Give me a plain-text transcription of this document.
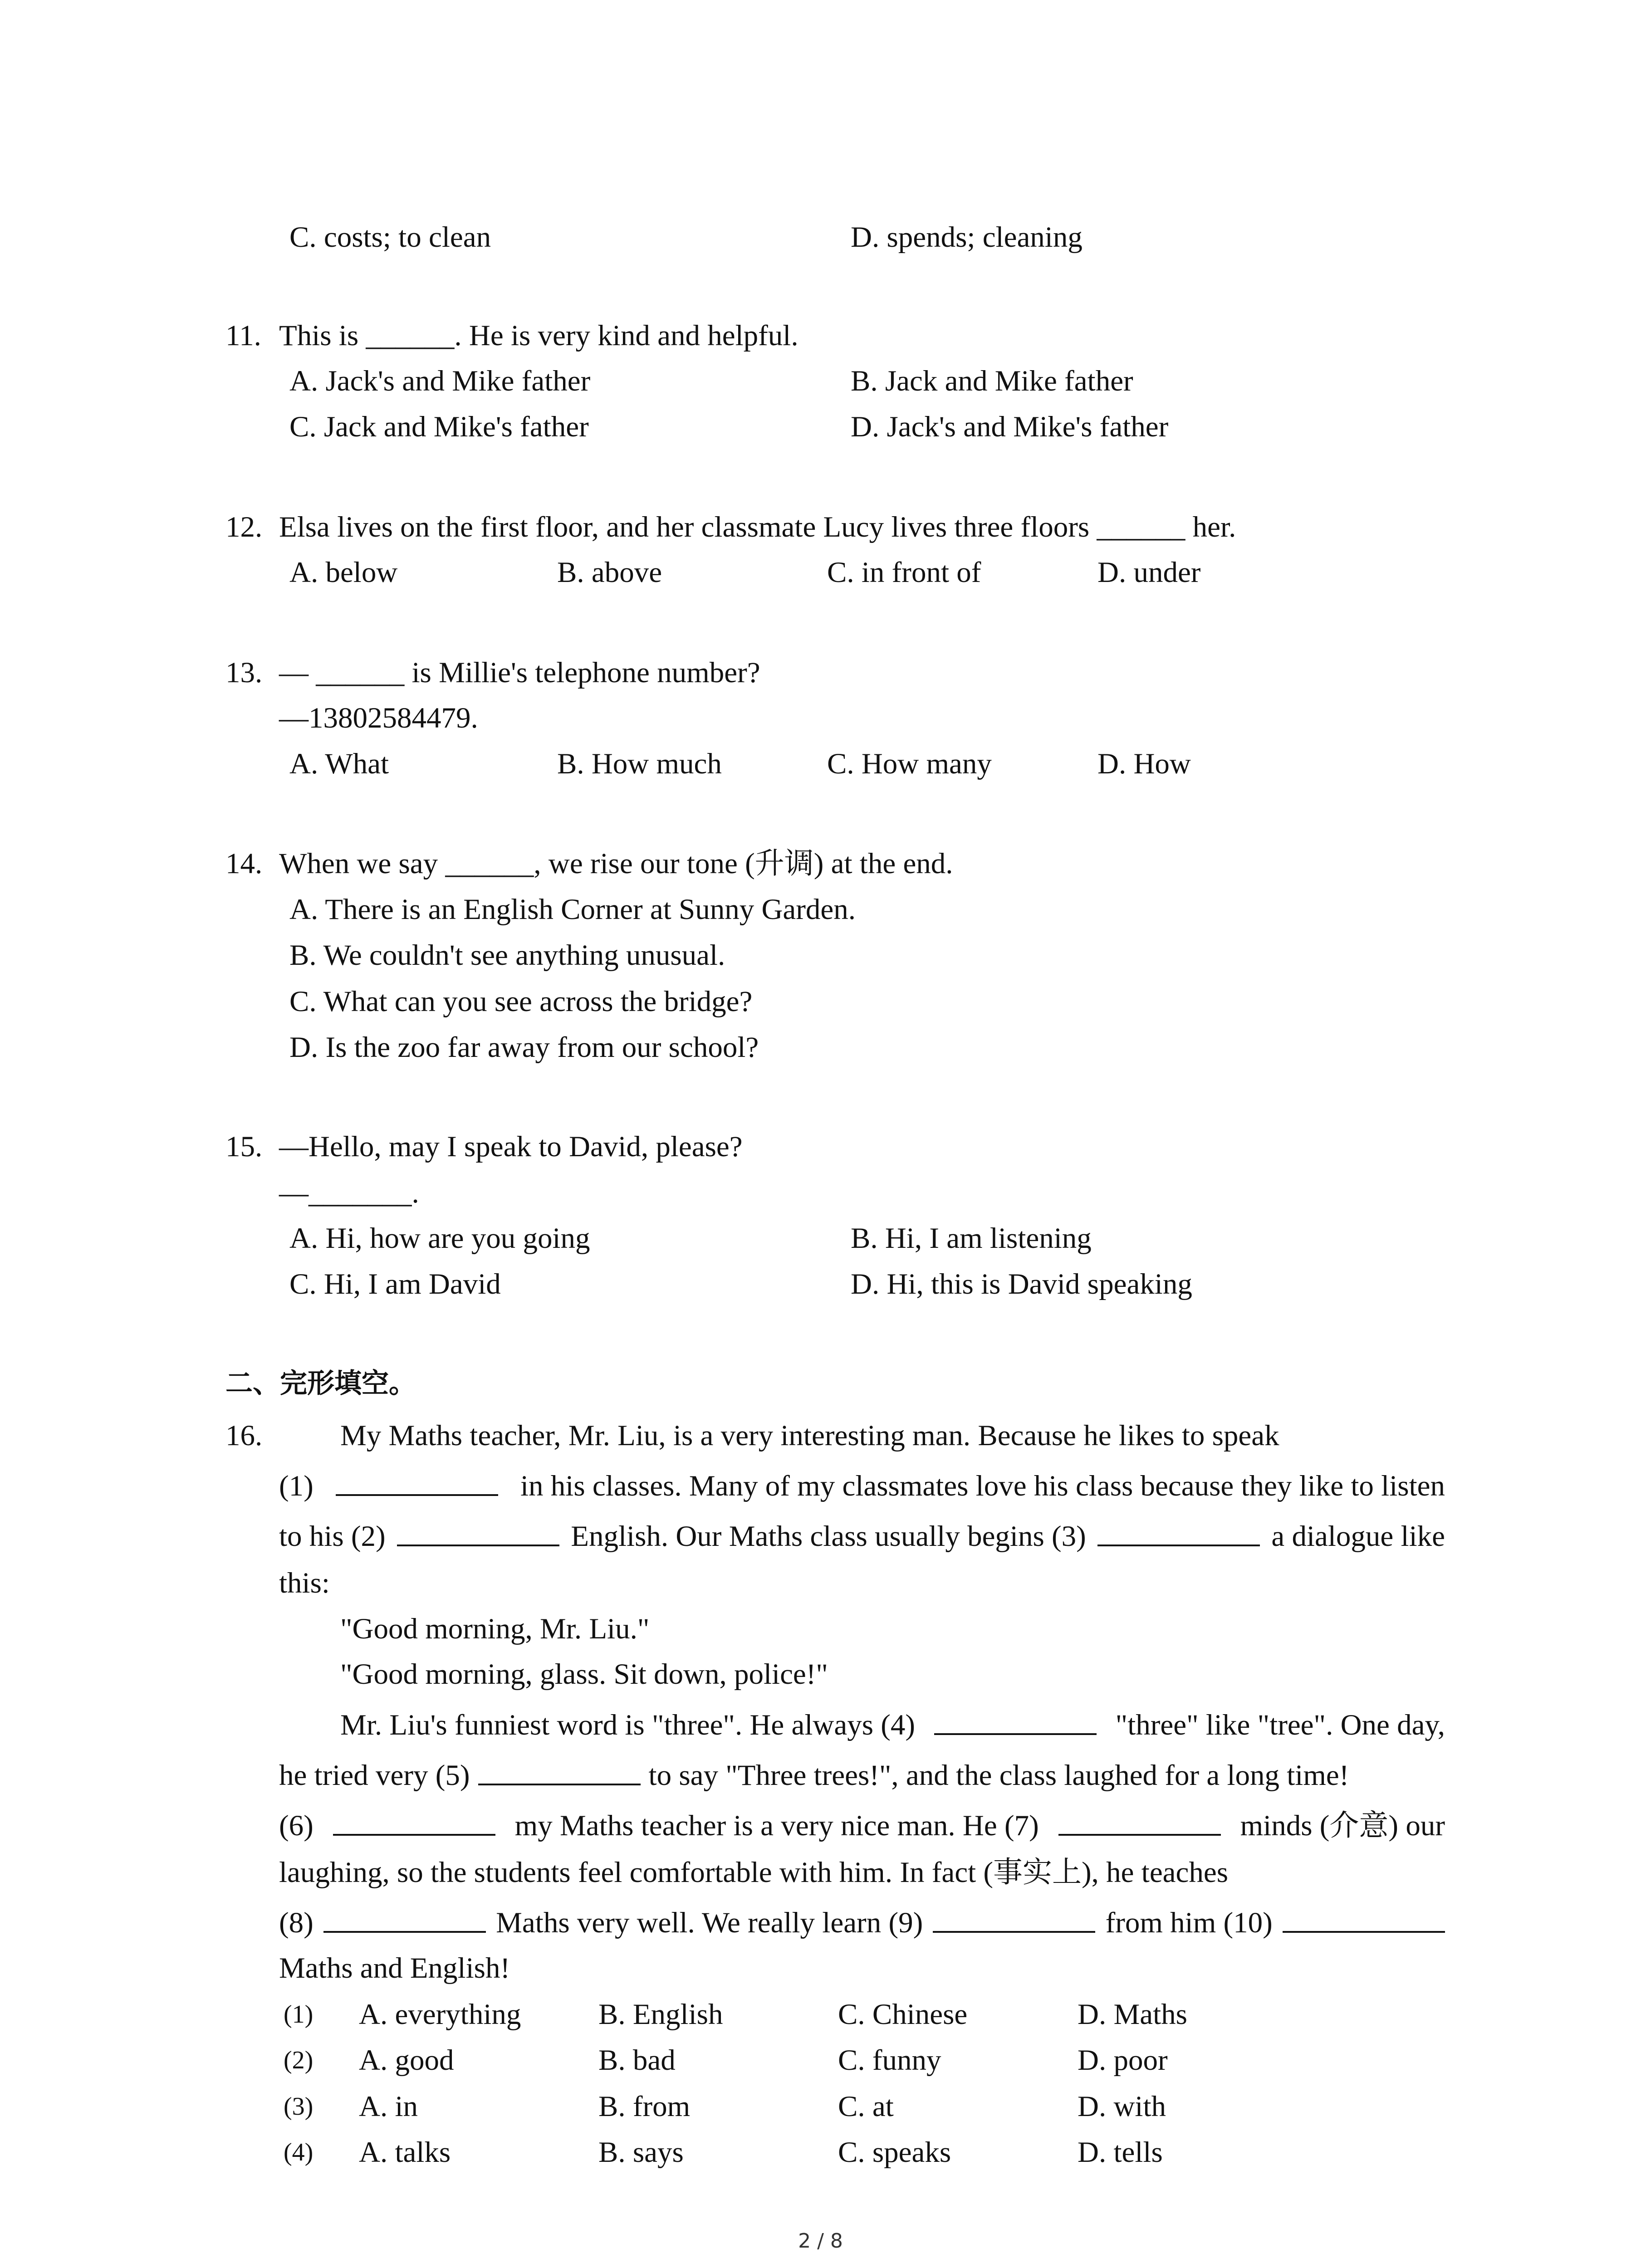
C. costs; to clean	D. spends; cleaning
11. This is ______. He is very kind and helpful.
A. Jack's and Mike father	B. Jack and Mike father
C. Jack and Mike's father	D. Jack's and Mike's father
12. Elsa lives on the first floor, and her classmate Lucy lives three floors ______ her.
A. below	B. above	C. in front of	D. under
13. — ______ is Millie's telephone number?
—13802584479.
A. What	B. How much	C. How many	D. How
14. When we say ______, we rise our tone (升调) at the end.
A. There is an English Corner at Sunny Garden.
B. We couldn't see anything unusual.
C. What can you see across the bridge?
D. Is the zoo far away from our school?
15. —Hello, may I speak to David, please?
—_______.
A. Hi, how are you going	B. Hi, I am listening
C. Hi, I am David	D. Hi, this is David speaking
二、完形填空。
16.	My Maths teacher, Mr. Liu, is a very interesting man. Because he likes to speak
(1)	in his classes. Many of my classmates love his class because they like to listen
to his (2)	English. Our Maths class usually begins (3)	a dialogue like
this:
"Good morning, Mr. Liu."
"Good morning, glass. Sit down, police!"
Mr. Liu's funniest word is "three". He always (4)	"three" like "tree". One day,
he tried very (5)	to say "Three trees!", and the class laughed for a long time!
(6)	my Maths teacher is a very nice man. He (7)	minds (介意) our
laughing, so the students feel comfortable with him. In fact (事实上), he teaches
(8)	Maths very well. We really learn (9)	from him (10)
Maths and English!
(1) A. everything	B. English	C. Chinese	D. Maths
(2) A. good	B. bad	C. funny	D. poor
(3) A. in	B. from	C. at	D. with
(4) A. talks	B. says	C. speaks	D. tells
2 / 8
